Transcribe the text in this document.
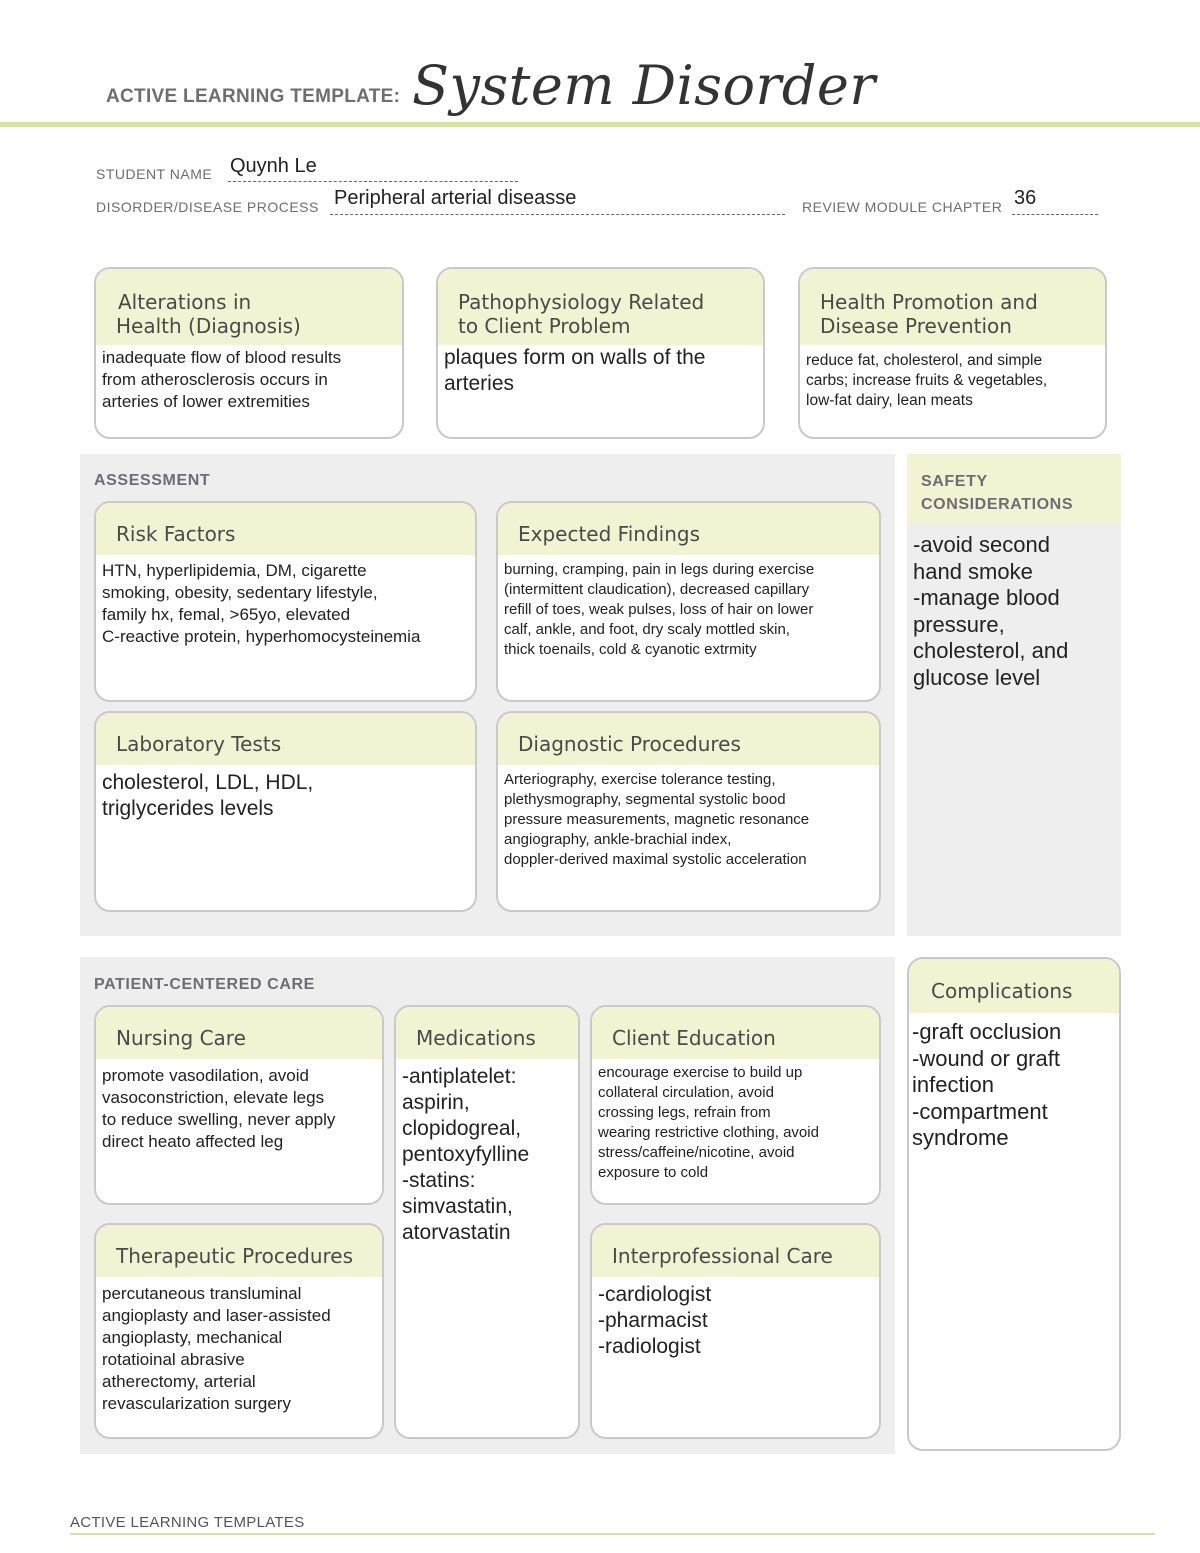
ACTIVE LEARNING TEMPLATE: System Disorder
STUDENT NAME Quynh Le
DISORDER/DISEASE PROCESS Peripheral arterial diseasse	REVIEW MODULE CHAPTER 36
Alterations in
Health (Diagnosis)
inadequate flow of blood results
from atherosclerosis occurs in
arteries of lower extremities
Pathophysiology Related
to Client Problem
plaques form on walls of the
arteries
Health Promotion and
Disease Prevention
reduce fat, cholesterol, and simple
carbs; increase fruits & vegetables,
low-fat dairy, lean meats
ASSESSMENT
Risk Factors
HTN, hyperlipidemia, DM, cigarette
smoking, obesity, sedentary lifestyle,
family hx, femal, >65yo, elevated
C-reactive protein, hyperhomocysteinemia
Expected Findings
burning, cramping, pain in legs during exercise
(intermittent claudication), decreased capillary
refill of toes, weak pulses, loss of hair on lower
calf, ankle, and foot, dry scaly mottled skin,
thick toenails, cold & cyanotic extrmity
Laboratory Tests
cholesterol, LDL, HDL,
triglycerides levels
Diagnostic Procedures
Arteriography, exercise tolerance testing,
plethysmography, segmental systolic bood
pressure measurements, magnetic resonance
angiography, ankle-brachial index,
doppler-derived maximal systolic acceleration
SAFETY
CONSIDERATIONS
-avoid second
hand smoke
-manage blood
pressure,
cholesterol, and
glucose level
PATIENT-CENTERED CARE
Nursing Care
promote vasodilation, avoid
vasoconstriction, elevate legs
to reduce swelling, never apply
direct heato affected leg
Medications
-antiplatelet:
aspirin,
clopidogreal,
pentoxyfylline
-statins:
simvastatin,
atorvastatin
Client Education
encourage exercise to build up
collateral circulation, avoid
crossing legs, refrain from
wearing restrictive clothing, avoid
stress/caffeine/nicotine, avoid
exposure to cold
Therapeutic Procedures
percutaneous transluminal
angioplasty and laser-assisted
angioplasty, mechanical
rotatioinal abrasive
atherectomy, arterial
revascularization surgery
Interprofessional Care
-cardiologist
-pharmacist
-radiologist
Complications
-graft occlusion
-wound or graft
infection
-compartment
syndrome
ACTIVE LEARNING TEMPLATES
